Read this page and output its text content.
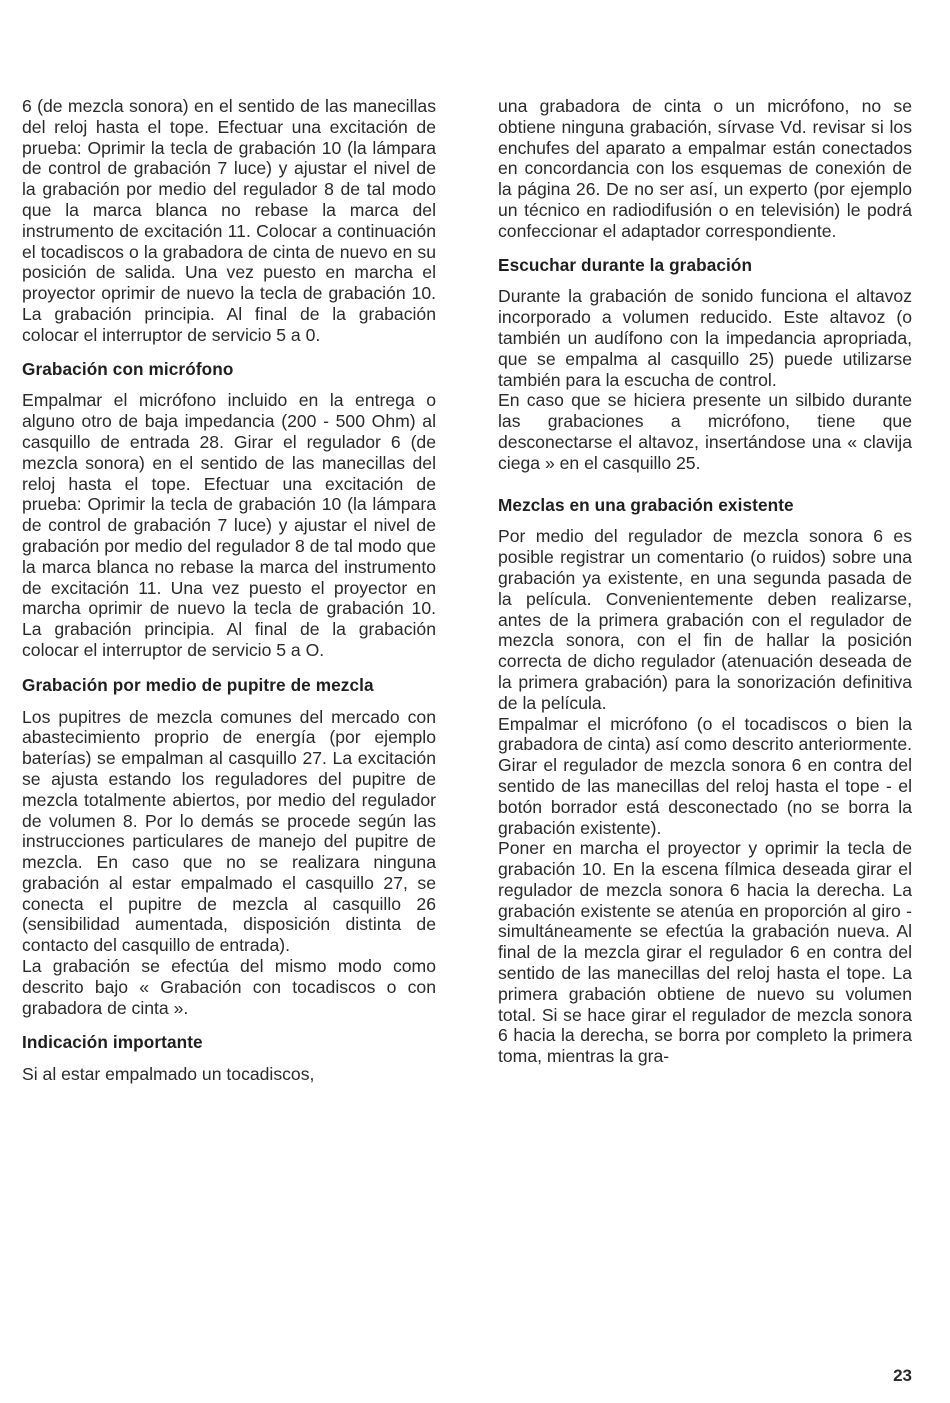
6 (de mezcla sonora) en el sentido de las manecillas del reloj hasta el tope. Efectuar una excitación de prueba: Oprimir la tecla de grabación 10 (la lámpara de control de grabación 7 luce) y ajustar el nivel de la grabación por medio del regulador 8 de tal modo que la marca blanca no rebase la marca del instrumento de excitación 11. Colocar a continuación el tocadiscos o la grabadora de cinta de nuevo en su posición de salida. Una vez puesto en marcha el proyector oprimir de nuevo la tecla de grabación 10. La grabación principia. Al final de la grabación colocar el interruptor de servicio 5 a 0.

Grabación con micrófono

Empalmar el micrófono incluido en la entrega o alguno otro de baja impedancia (200 - 500 Ohm) al casquillo de entrada 28. Girar el regulador 6 (de mezcla sonora) en el sentido de las manecillas del reloj hasta el tope. Efectuar una excitación de prueba: Oprimir la tecla de grabación 10 (la lámpara de control de grabación 7 luce) y ajustar el nivel de grabación por medio del regulador 8 de tal modo que la marca blanca no rebase la marca del instrumento de excitación 11. Una vez puesto el proyector en marcha oprimir de nuevo la tecla de grabación 10. La grabación principia. Al final de la grabación colocar el interruptor de servicio 5 a O.

Grabación por medio de pupitre de mezcla

Los pupitres de mezcla comunes del mercado con abastecimiento proprio de energía (por ejemplo baterías) se empalman al casquillo 27. La excitación se ajusta estando los reguladores del pupitre de mezcla totalmente abiertos, por medio del regulador de volumen 8. Por lo demás se procede según las instrucciones particulares de manejo del pupitre de mezcla. En caso que no se realizara ninguna grabación al estar empalmado el casquillo 27, se conecta el pupitre de mezcla al casquillo 26 (sensibilidad aumentada, disposición distinta de contacto del casquillo de entrada).

La grabación se efectúa del mismo modo como descrito bajo « Grabación con tocadiscos o con grabadora de cinta ».

Indicación importante

Si al estar empalmado un tocadiscos,

una grabadora de cinta o un micrófono, no se obtiene ninguna grabación, sírvase Vd. revisar si los enchufes del aparato a empalmar están conectados en concordancia con los esquemas de conexión de la página 26. De no ser así, un experto (por ejemplo un técnico en radiodifusión o en televisión) le podrá confeccionar el adaptador correspondiente.

Escuchar durante la grabación

Durante la grabación de sonido funciona el altavoz incorporado a volumen reducido. Este altavoz (o también un audífono con la impedancia apropriada, que se empalma al casquillo 25) puede utilizarse también para la escucha de control.

En caso que se hiciera presente un silbido durante las grabaciones a micrófono, tiene que desconectarse el altavoz, insertándose una « clavija ciega » en el casquillo 25.

Mezclas en una grabación existente

Por medio del regulador de mezcla sonora 6 es posible registrar un comentario (o ruidos) sobre una grabación ya existente, en una segunda pasada de la película. Convenientemente deben realizarse, antes de la primera grabación con el regulador de mezcla sonora, con el fin de hallar la posición correcta de dicho regulador (atenuación deseada de la primera grabación) para la sonorización definitiva de la película.

Empalmar el micrófono (o el tocadiscos o bien la grabadora de cinta) así como descrito anteriormente. Girar el regulador de mezcla sonora 6 en contra del sentido de las manecillas del reloj hasta el tope - el botón borrador está desconectado (no se borra la grabación existente).

Poner en marcha el proyector y oprimir la tecla de grabación 10. En la escena fílmica deseada girar el regulador de mezcla sonora 6 hacia la derecha. La grabación existente se atenúa en proporción al giro - simultáneamente se efectúa la grabación nueva. Al final de la mezcla girar el regulador 6 en contra del sentido de las manecillas del reloj hasta el tope. La primera grabación obtiene de nuevo su volumen total. Si se hace girar el regulador de mezcla sonora 6 hacia la derecha, se borra por completo la primera toma, mientras la gra-

23
